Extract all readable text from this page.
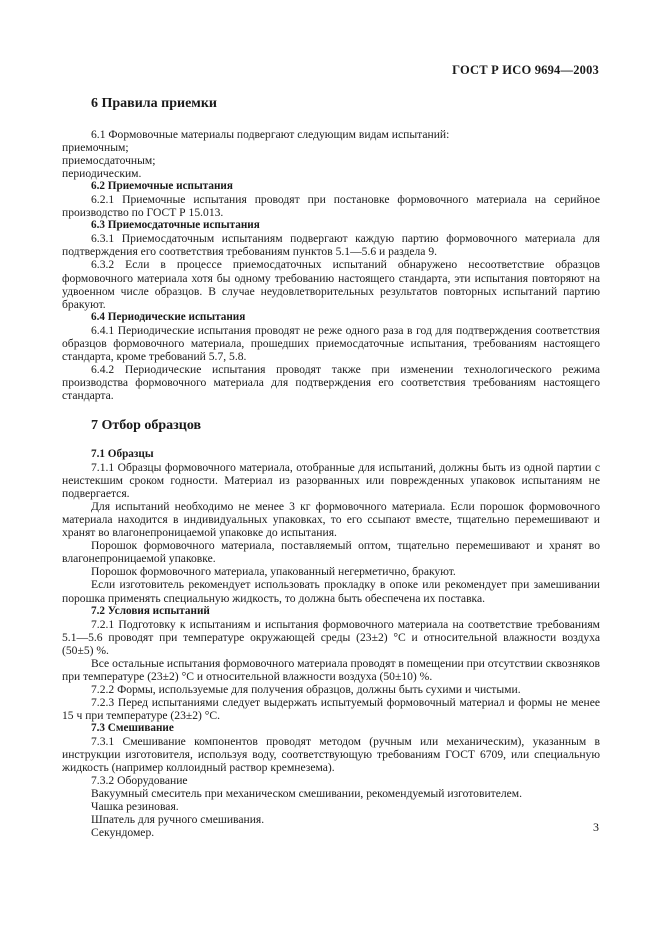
ГОСТ Р ИСО 9694—2003
6 Правила приемки
6.1 Формовочные материалы подвергают следующим видам испытаний:
приемочным;
приемосдаточным;
периодическим.
6.2 Приемочные испытания
6.2.1 Приемочные испытания проводят при постановке формовочного материала на серийное производство по ГОСТ Р 15.013.
6.3 Приемосдаточные испытания
6.3.1 Приемосдаточным испытаниям подвергают каждую партию формовочного материала для подтверждения его соответствия требованиям пунктов 5.1—5.6 и раздела 9.
6.3.2 Если в процессе приемосдаточных испытаний обнаружено несоответствие образцов формовочного материала хотя бы одному требованию настоящего стандарта, эти испытания повторяют на удвоенном числе образцов. В случае неудовлетворительных результатов повторных испытаний партию бракуют.
6.4 Периодические испытания
6.4.1 Периодические испытания проводят не реже одного раза в год для подтверждения соответствия образцов формовочного материала, прошедших приемосдаточные испытания, требованиям настоящего стандарта, кроме требований 5.7, 5.8.
6.4.2 Периодические испытания проводят также при изменении технологического режима производства формовочного материала для подтверждения его соответствия требованиям настоящего стандарта.
7 Отбор образцов
7.1 Образцы
7.1.1 Образцы формовочного материала, отобранные для испытаний, должны быть из одной партии с неистекшим сроком годности. Материал из разорванных или поврежденных упаковок испытаниям не подвергается.
Для испытаний необходимо не менее 3 кг формовочного материала. Если порошок формовочного материала находится в индивидуальных упаковках, то его ссыпают вместе, тщательно перемешивают и хранят во влагонепроницаемой упаковке до испытания.
Порошок формовочного материала, поставляемый оптом, тщательно перемешивают и хранят во влагонепроницаемой упаковке.
Порошок формовочного материала, упакованный негерметично, бракуют.
Если изготовитель рекомендует использовать прокладку в опоке или рекомендует при замешивании порошка применять специальную жидкость, то должна быть обеспечена их поставка.
7.2 Условия испытаний
7.2.1 Подготовку к испытаниям и испытания формовочного материала на соответствие требованиям 5.1—5.6 проводят при температуре окружающей среды (23±2) °С и относительной влажности воздуха (50±5) %.
Все остальные испытания формовочного материала проводят в помещении при отсутствии сквозняков при температуре (23±2) °С и относительной влажности воздуха (50±10) %.
7.2.2 Формы, используемые для получения образцов, должны быть сухими и чистыми.
7.2.3 Перед испытаниями следует выдержать испытуемый формовочный материал и формы не менее 15 ч при температуре (23±2) °С.
7.3 Смешивание
7.3.1 Смешивание компонентов проводят методом (ручным или механическим), указанным в инструкции изготовителя, используя воду, соответствующую требованиям ГОСТ 6709, или специальную жидкость (например коллоидный раствор кремнезема).
7.3.2 Оборудование
Вакуумный смеситель при механическом смешивании, рекомендуемый изготовителем.
Чашка резиновая.
Шпатель для ручного смешивания.
Секундомер.	3
